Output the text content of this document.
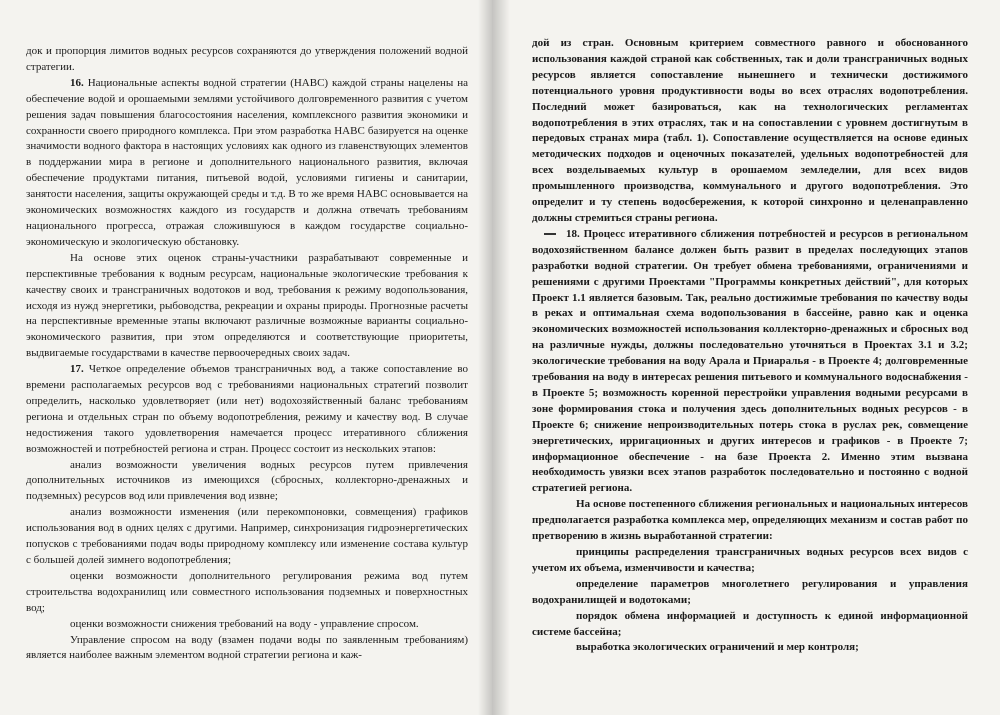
док и пропорция лимитов водных ресурсов сохраняются до утверждения положений водной стратегии.

16. Национальные аспекты водной стратегии (НАВС) каждой страны нацелены на обеспечение водой и орошаемыми землями устойчивого долговременного развития с учетом решения задач повышения благосостояния населения, комплексного развития экономики и сохранности своего природного комплекса. При этом разработка НАВС базируется на оценке значимости водного фактора в настоящих условиях как одного из главенствующих элементов в поддержании мира в регионе и дополнительного национального развития, включая обеспечение продуктами питания, питьевой водой, условиями гигиены и санитарии, занятости населения, защиты окружающей среды и т.д. В то же время НАВС основывается на экономических возможностях каждого из государств и должна отвечать требованиям национального прогресса, отражая сложившуюся в каждом государстве социально-экономическую и экологическую обстановку.

На основе этих оценок страны-участники разрабатывают современные и перспективные требования к водным ресурсам, национальные экологические требования к качеству своих и трансграничных водотоков и вод, требования к режиму водопользования, исходя из нужд энергетики, рыбоводства, рекреации и охраны природы. Прогнозные расчеты на перспективные временные этапы включают различные возможные варианты социально-экономического развития, при этом определяются и соответствующие приоритеты, выдвигаемые государствами в качестве первоочередных своих задач.

17. Четкое определение объемов трансграничных вод, а также сопоставление во времени располагаемых ресурсов вод с требованиями национальных стратегий позволит определить, насколько удовлетворяет (или нет) водохозяйственный баланс требованиям региона и отдельных стран по объему водопотребления, режиму и качеству вод. В случае недостижения такого удовлетворения намечается процесс итеративного сближения возможностей и потребностей региона и стран. Процесс состоит из нескольких этапов:

анализ возможности увеличения водных ресурсов путем привлечения дополнительных источников из имеющихся (сбросных, коллекторно-дренажных и подземных) ресурсов вод или привлечения вод извне;

анализ возможности изменения (или перекомпоновки, совмещения) графиков использования вод в одних целях с другими. Например, синхронизация гидроэнергетических попусков с требованиями подач воды природному комплексу или изменение состава культур с большей долей зимнего водопотребления;

оценки возможности дополнительного регулирования режима вод путем строительства водохранилищ или совместного использования подземных и поверхностных вод;

оценки возможности снижения требований на воду - управление спросом.

Управление спросом на воду (взамен подачи воды по заявленным требованиям) является наиболее важным элементом водной стратегии региона и каж-

дой из стран. Основным критерием совместного равного и обоснованного использования каждой страной как собственных, так и доли трансграничных водных ресурсов является сопоставление нынешнего и технически достижимого потенциального уровня продуктивности воды во всех отраслях водопотребления. Последний может базироваться, как на технологических регламентах водопотребления в этих отраслях, так и на сопоставлении с уровнем достигнутым в передовых странах мира (табл. 1). Сопоставление осуществляется на основе единых методических подходов и оценочных показателей, удельных водопотребностей для всех возделываемых культур в орошаемом земледелии, для всех видов промышленного производства, коммунального и другого водопотребления. Это определит и ту степень водосбережения, к которой синхронно и целенаправленно должны стремиться страны региона.

18. Процесс итеративного сближения потребностей и ресурсов в региональном водохозяйственном балансе должен быть развит в пределах последующих этапов разработки водной стратегии. Он требует обмена требованиями, ограничениями и решениями с другими Проектами "Программы конкретных действий", для которых Проект 1.1 является базовым. Так, реально достижимые требования по качеству воды в реках и оптимальная схема водопользования в бассейне, равно как и оценка экономических возможностей использования коллекторно-дренажных и сбросных вод на различные нужды, должны последовательно уточняться в Проектах 3.1 и 3.2; экологические требования на воду Арала и Приаралья - в Проекте 4; долговременные требования на воду в интересах решения питьевого и коммунального водоснабжения - в Проекте 5; возможность коренной перестройки управления водными ресурсами в зоне формирования стока и получения здесь дополнительных водных ресурсов - в Проекте 6; снижение непроизводительных потерь стока в руслах рек, совмещение энергетических, ирригационных и других интересов и графиков - в Проекте 7; информационное обеспечение - на базе Проекта 2. Именно этим вызвана необходимость увязки всех этапов разработок последовательно и постоянно с водной стратегией региона.

На основе постепенного сближения региональных и национальных интересов предполагается разработка комплекса мер, определяющих механизм и состав работ по претворению в жизнь выработанной стратегии:

принципы распределения трансграничных водных ресурсов всех видов с учетом их объема, изменчивости и качества;

определение параметров многолетнего регулирования и управления водохранилищей и водотоками;

порядок обмена информацией и доступность к единой информационной системе бассейна;

выработка экологических ограничений и мер контроля;
